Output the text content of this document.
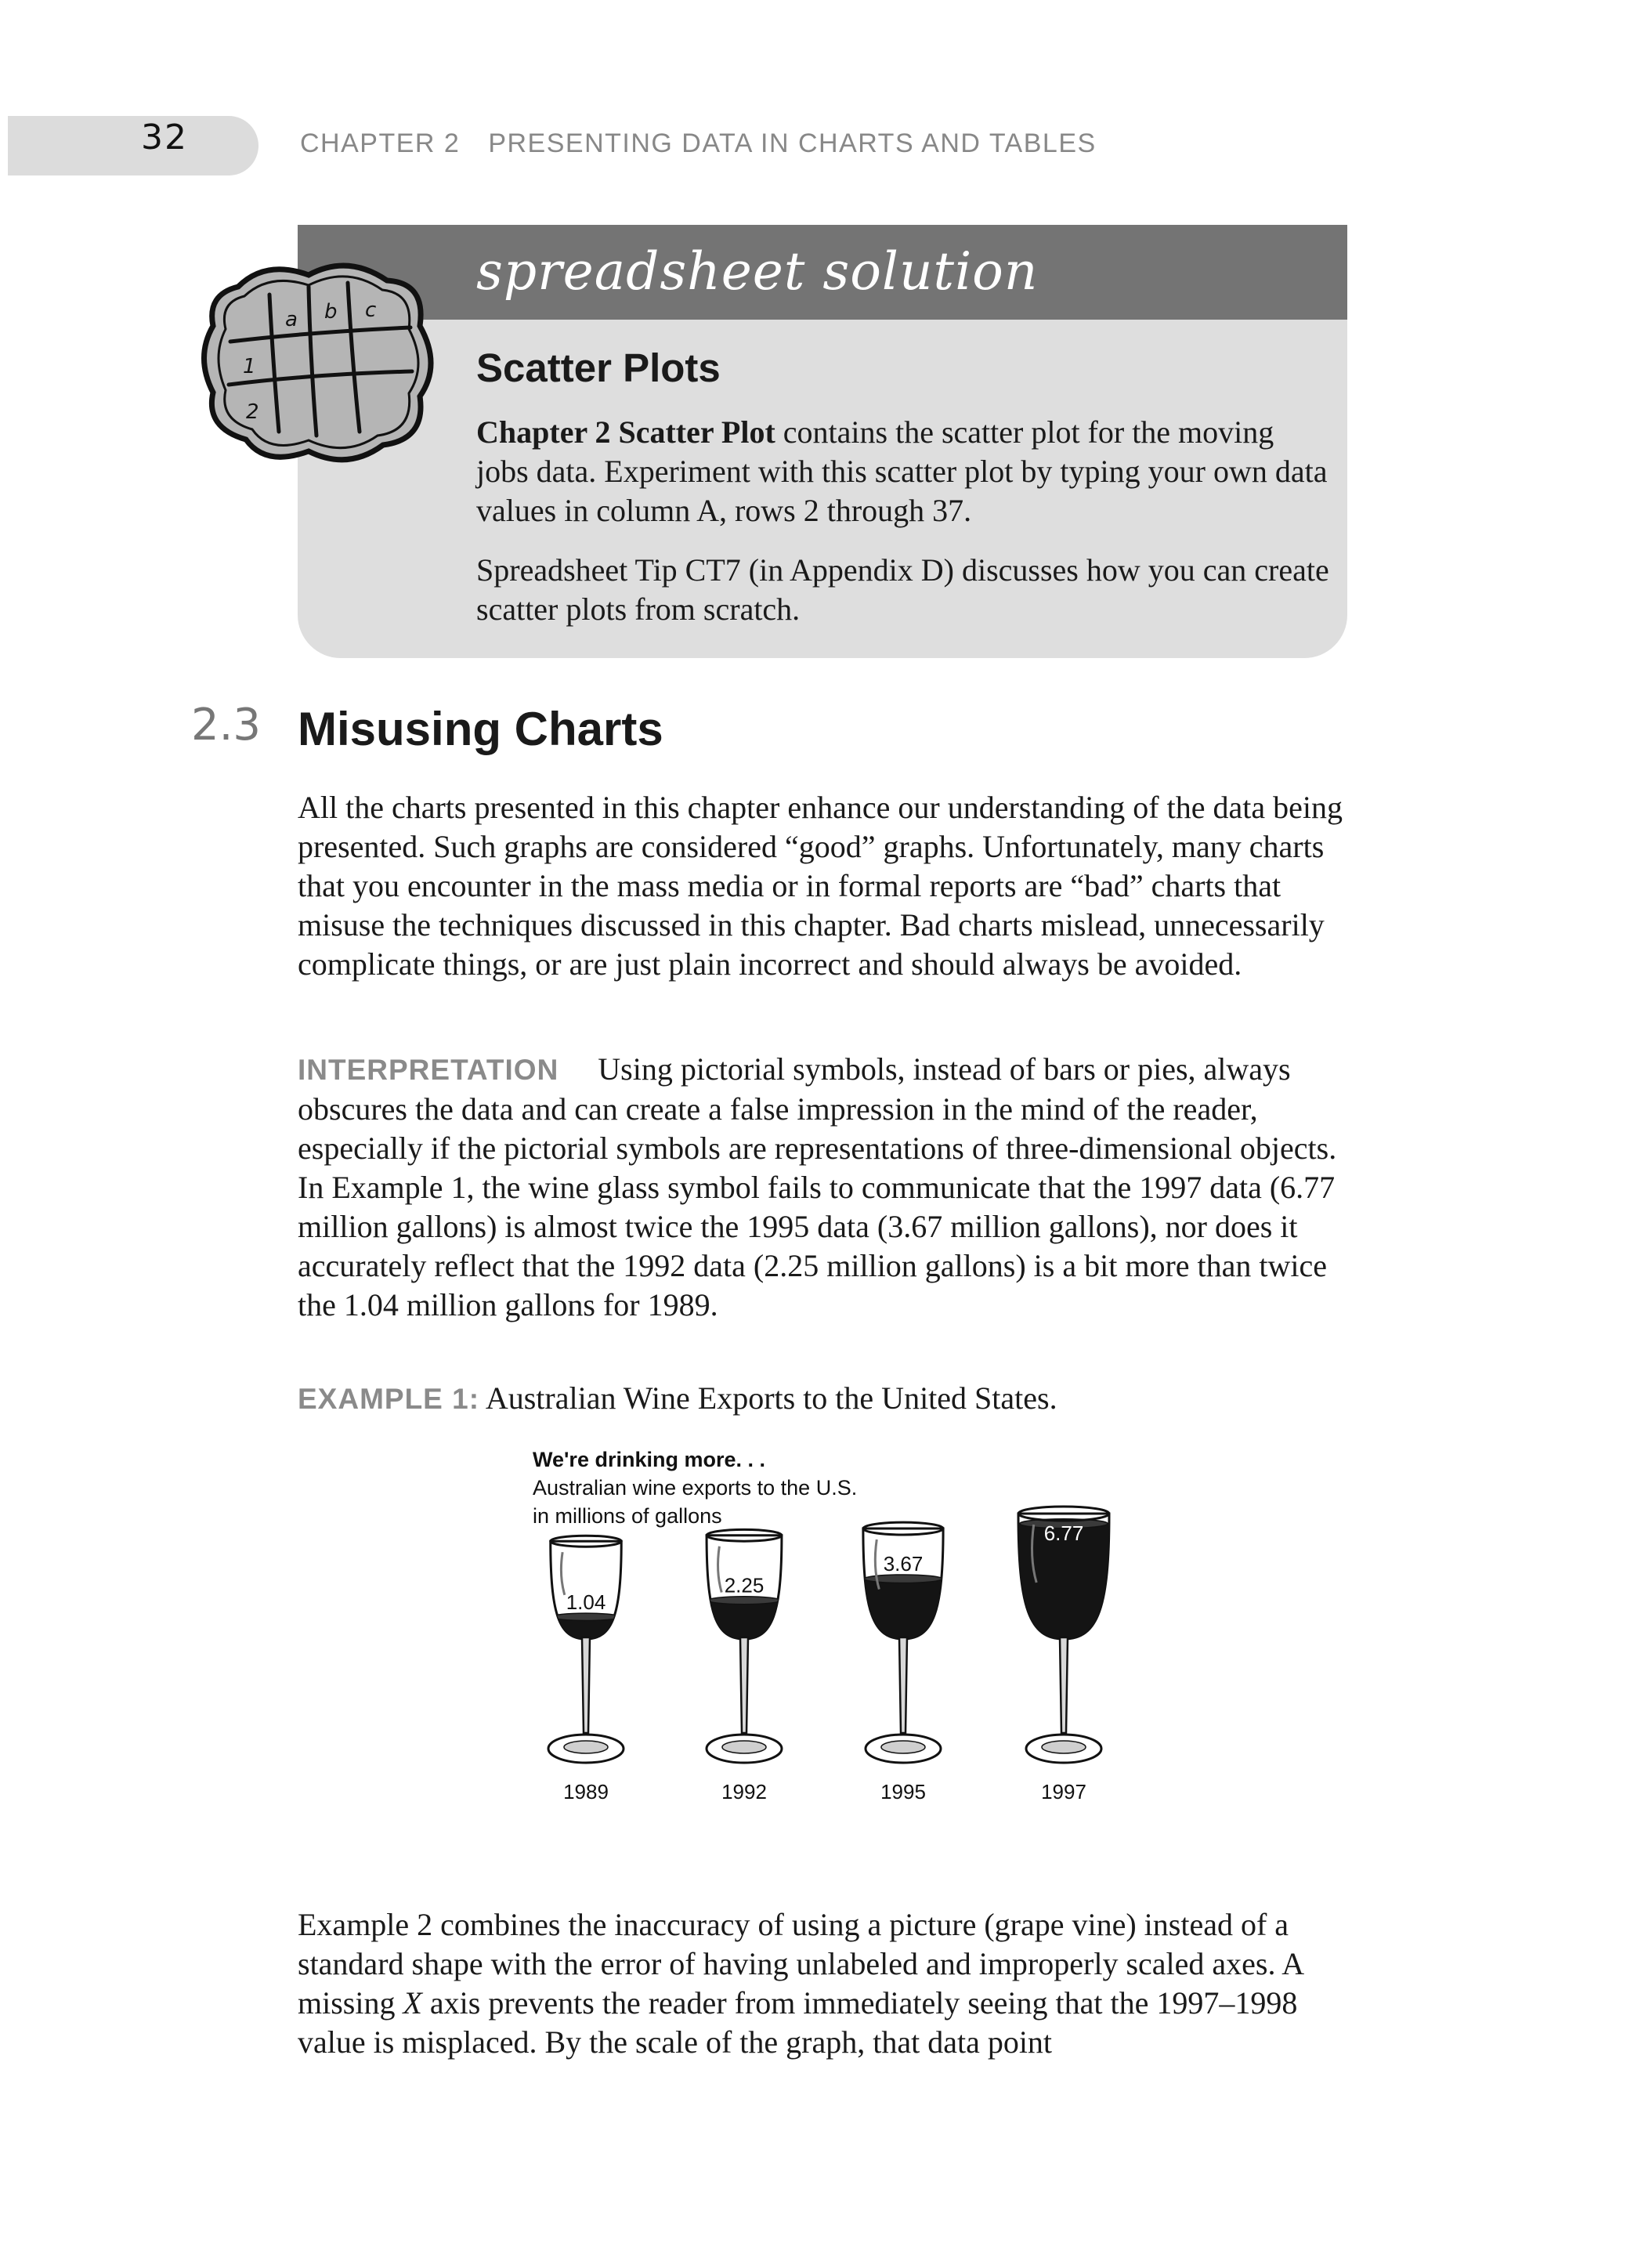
32	CHAPTER 2 PRESENTING DATA IN CHARTS AND TABLES
spreadsheet solution
a b c
1
2
Scatter Plots
Chapter 2 Scatter Plot contains the scatter plot for the moving jobs data. Experiment with this scatter plot by typing your own data values in column A, rows 2 through 37.
Spreadsheet Tip CT7 (in Appendix D) discusses how you can create scatter plots from scratch.
2.3 Misusing Charts
All the charts presented in this chapter enhance our understanding of the data being presented. Such graphs are considered “good” graphs. Unfortunately, many charts that you encounter in the mass media or in formal reports are “bad” charts that misuse the techniques discussed in this chapter. Bad charts mislead, unnecessarily complicate things, or are just plain incorrect and should always be avoided.
INTERPRETATION Using pictorial symbols, instead of bars or pies, always obscures the data and can create a false impression in the mind of the reader, especially if the pictorial symbols are representations of three-dimensional objects. In Example 1, the wine glass symbol fails to communicate that the 1997 data (6.77 million gallons) is almost twice the 1995 data (3.67 million gallons), nor does it accurately reflect that the 1992 data (2.25 million gallons) is a bit more than twice the 1.04 million gallons for 1989.
EXAMPLE 1: Australian Wine Exports to the United States.
We're drinking more. . .
Australian wine exports to the U.S.
in millions of gallons
1.04
1989
2.25
1992
3.67
1995
6.77
1997
Example 2 combines the inaccuracy of using a picture (grape vine) instead of a standard shape with the error of having unlabeled and improperly scaled axes. A missing X axis prevents the reader from immediately seeing that the 1997–1998 value is misplaced. By the scale of the graph, that data point
